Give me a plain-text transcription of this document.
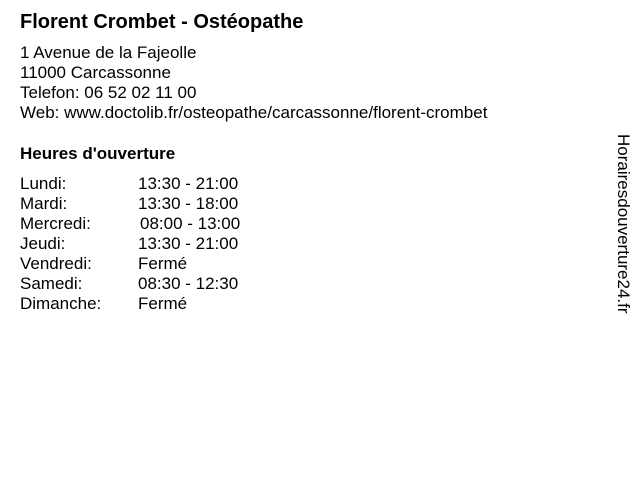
Florent Crombet - Ostéopathe
1 Avenue de la Fajeolle
11000 Carcassonne
Telefon: 06 52 02 11 00
Web: www.doctolib.fr/osteopathe/carcassonne/florent-crombet
Heures d'ouverture
Lundi:	13:30 - 21:00
Mardi:	13:30 - 18:00
Mercredi:	08:00 - 13:00
Jeudi:	13:30 - 21:00
Vendredi:	Fermé
Samedi:	08:30 - 12:30
Dimanche: Fermé	Horairesdouverture24.fr
